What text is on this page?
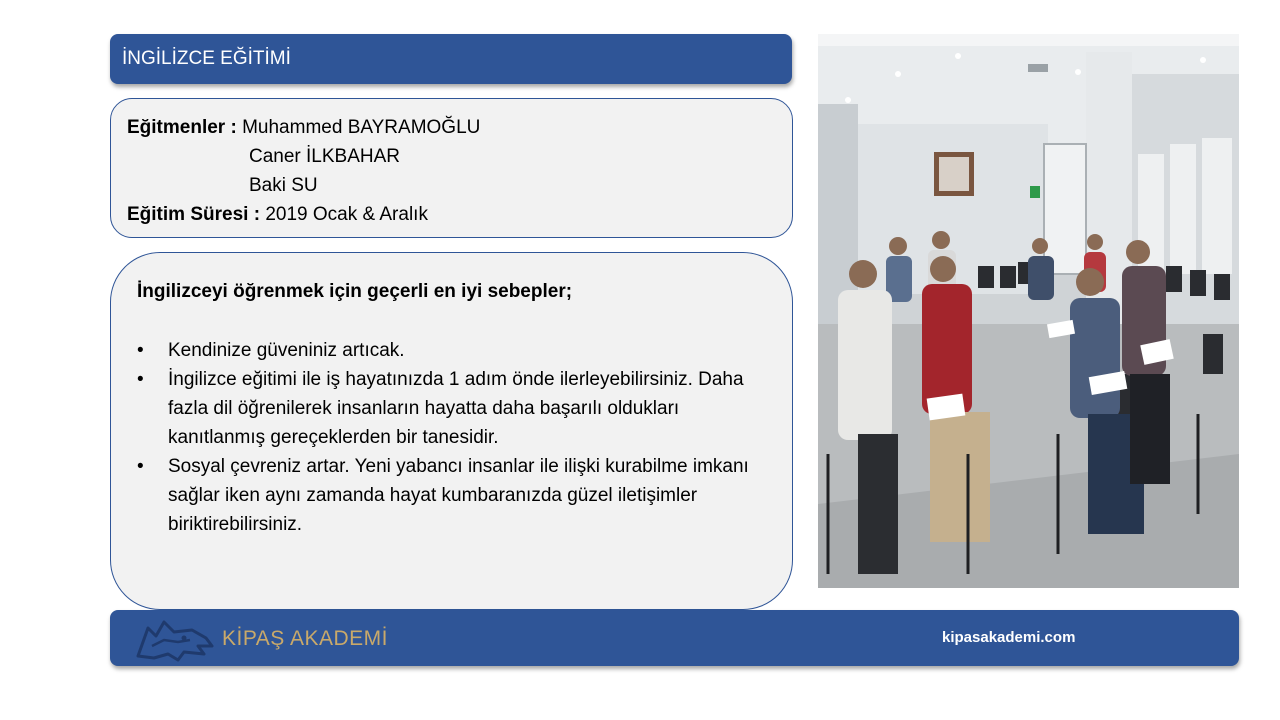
İNGİLİZCE EĞİTİMİ
Eğitmenler :
Muhammed BAYRAMOĞLU
Caner İLKBAHAR
Baki SU
Eğitim Süresi :
2019 Ocak & Aralık

İngilizceyi öğrenmek için geçerli en iyi sebepler;

• Kendinize güveniniz artıcak.
• İngilizce eğitimi ile iş hayatınızda 1 adım önde ilerleyebilirsiniz. Daha fazla dil öğrenilerek insanların hayatta daha başarılı oldukları kanıtlanmış gereçeklerden bir tanesidir.
• Sosyal çevreniz artar. Yeni yabancı insanlar ile ilişki kurabilme imkanı sağlar iken aynı zamanda hayat kumbaranızda güzel iletişimler biriktirebilirsiniz.
KİPAŞ AKADEMİ	kipasakademi.com
